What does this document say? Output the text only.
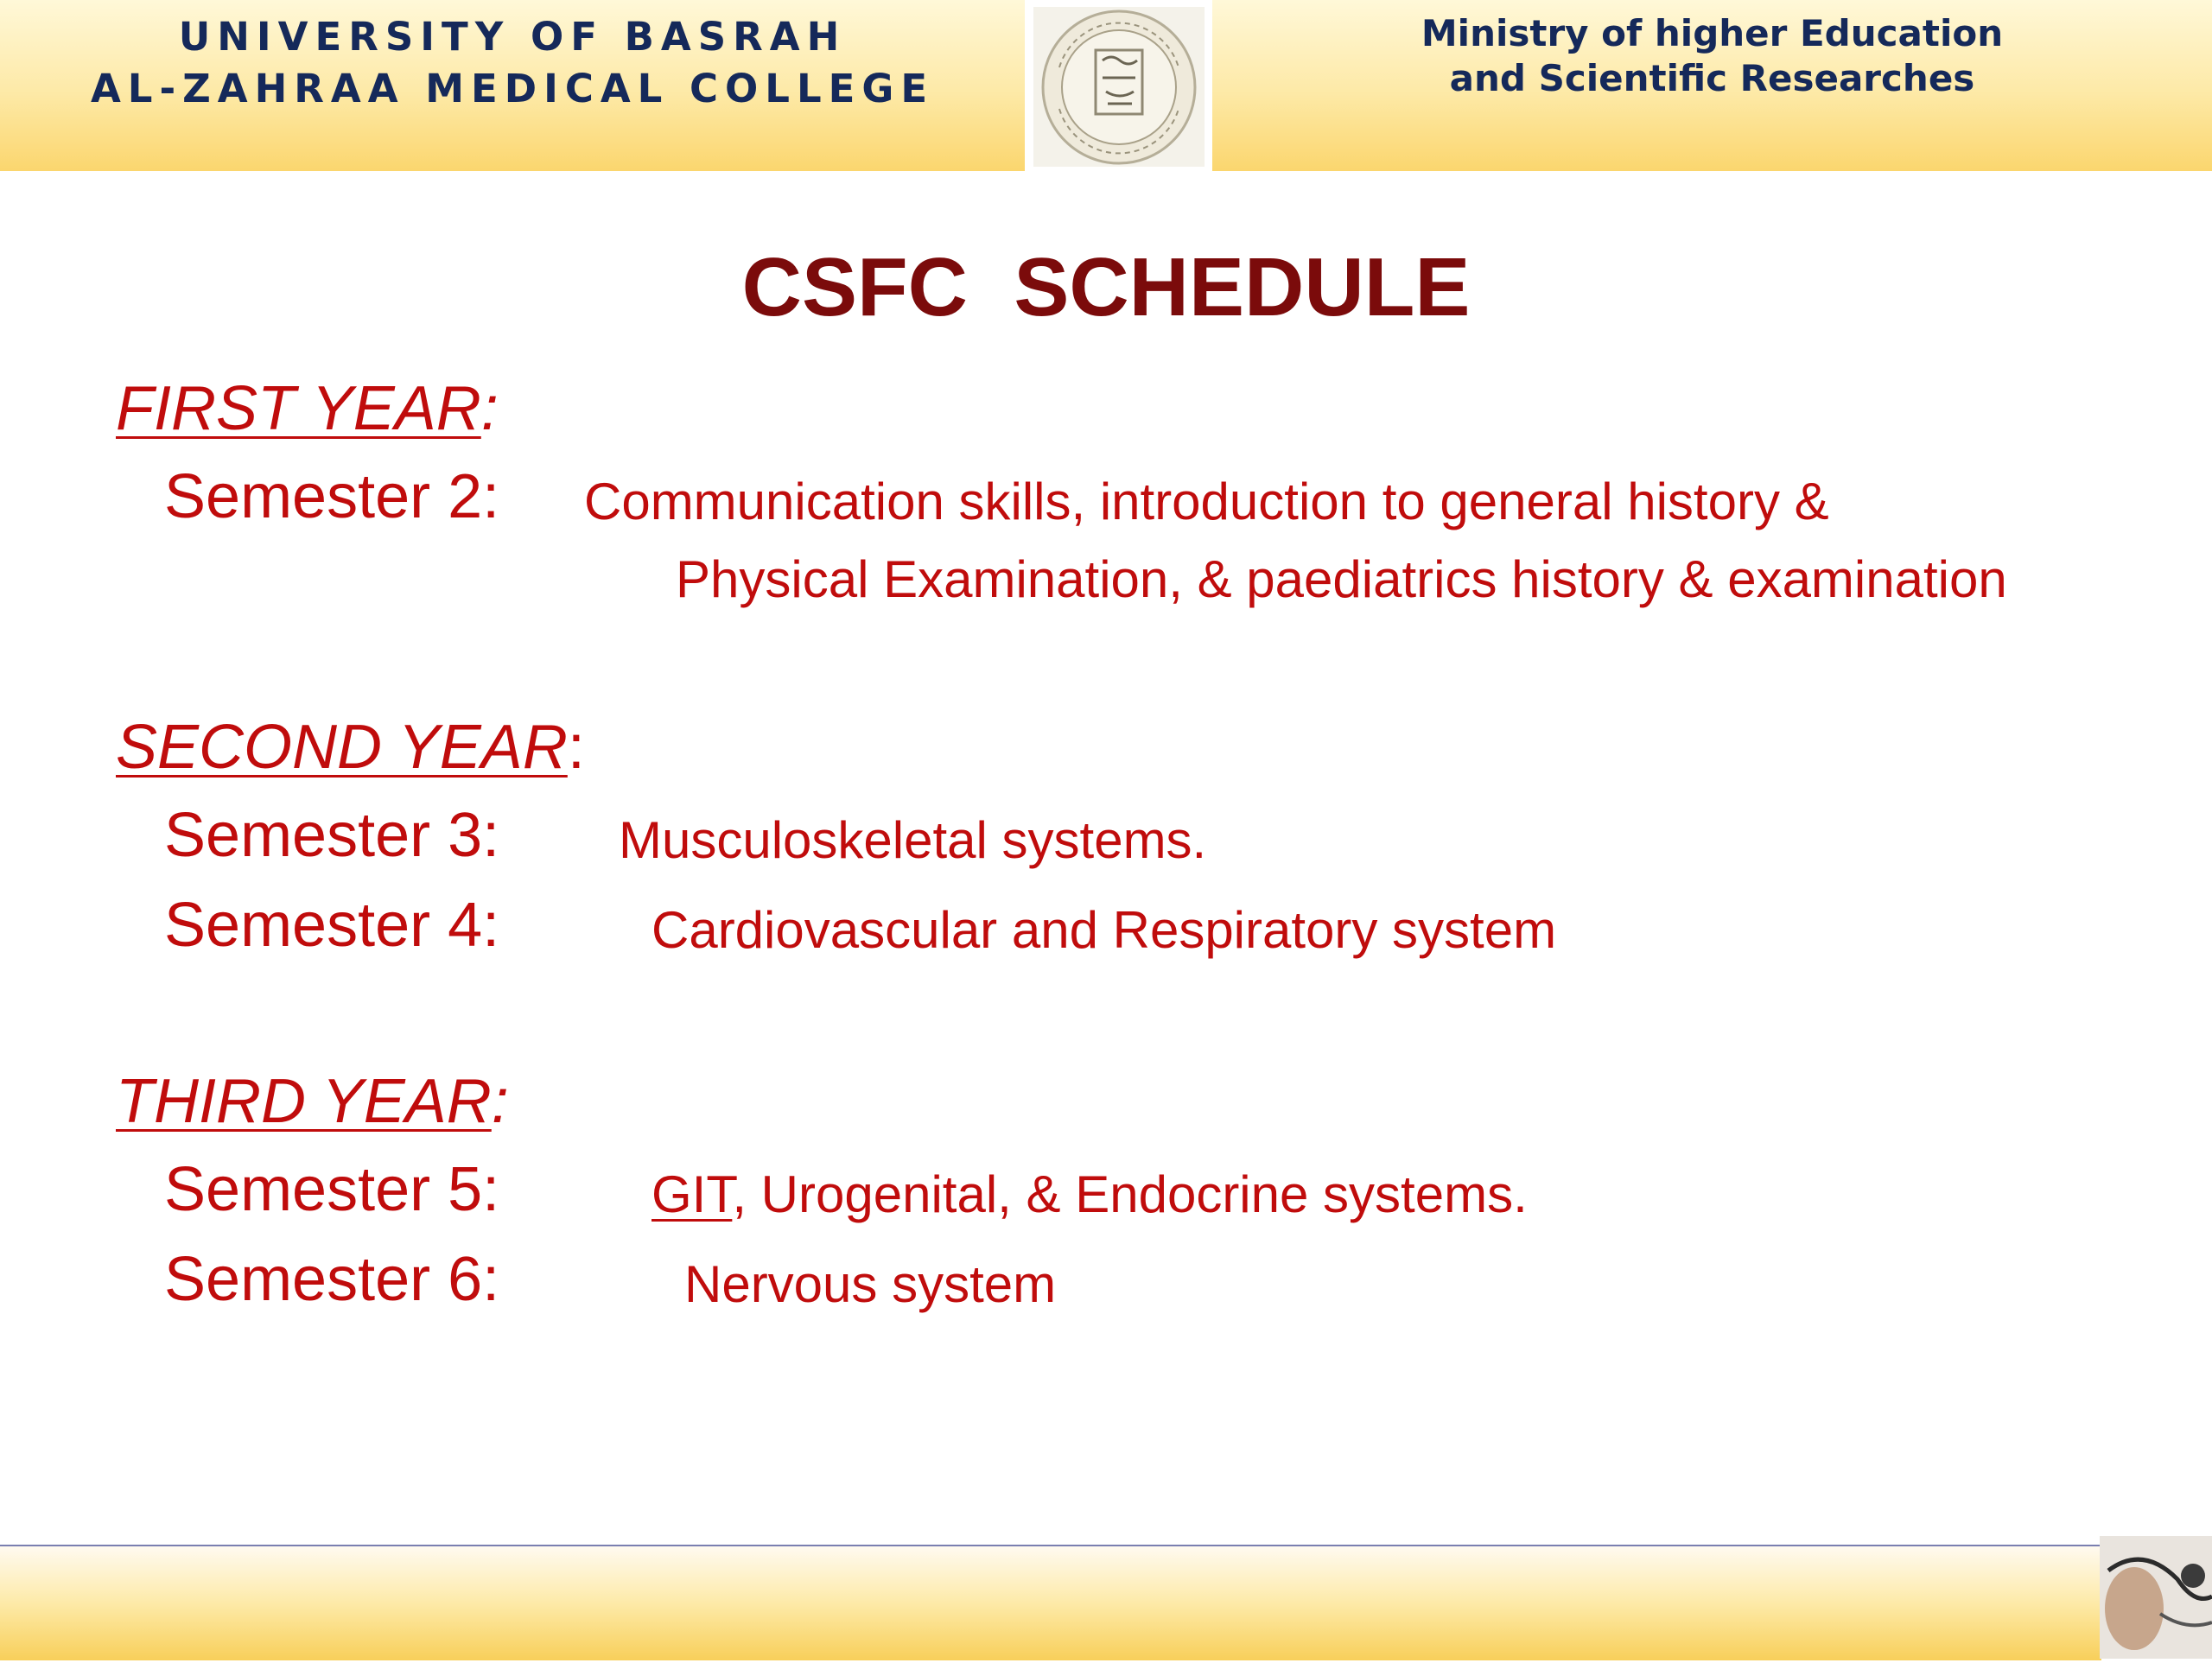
UNIVERSITY OF BASRAH
AL-ZAHRAA MEDICAL COLLEGE
Ministry of higher Education
and Scientific Researches
CSFC  SCHEDULE
FIRST YEAR:
Semester 2: Communication skills, introduction to general history &
Physical Examination, & paediatrics history & examination
SECOND YEAR:
Semester 3: Musculoskeletal systems.
Semester 4:	Cardiovascular and Respiratory system
THIRD YEAR:
Semester 5:	GIT, Urogenital, & Endocrine systems.
Semester 6:	Nervous system
